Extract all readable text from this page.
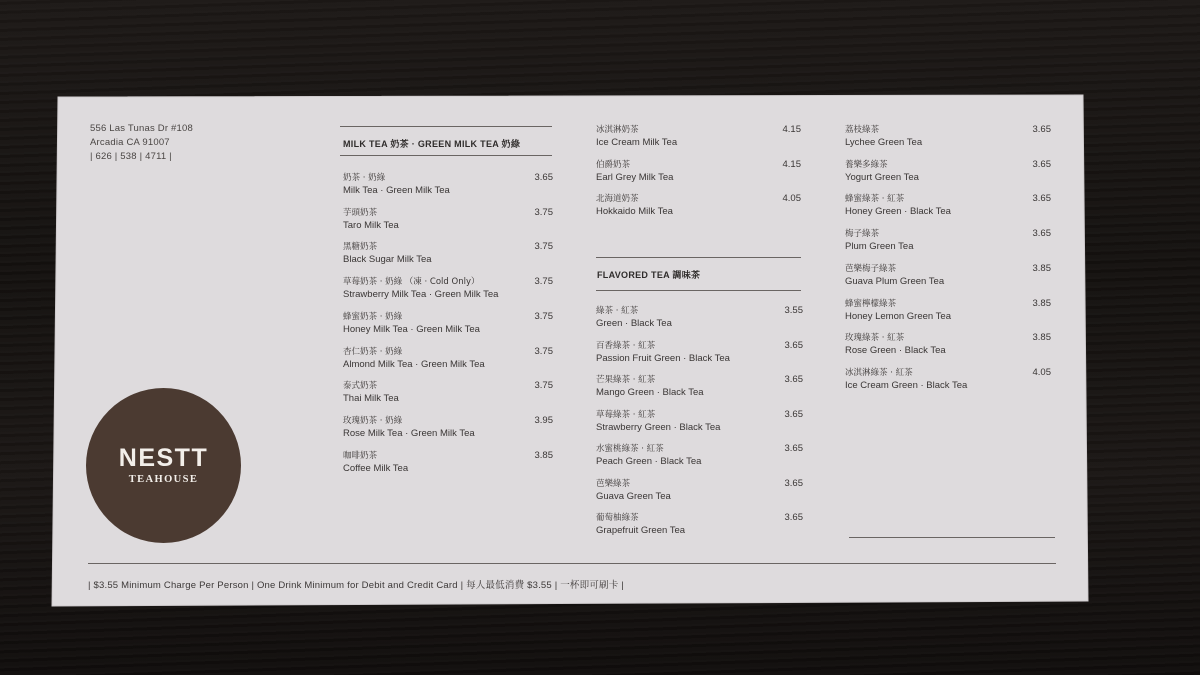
556 Las Tunas Dr #108
Arcadia CA 91007
| 626 | 538 | 4711 |
NESTT
TEAHOUSE
MILK TEA 奶茶 · GREEN MILK TEA 奶綠
奶茶 · 奶綠
Milk Tea · Green Milk Tea
3.65
芋頭奶茶
Taro Milk Tea
3.75
黑糖奶茶
Black Sugar Milk Tea
3.75
草莓奶茶 · 奶綠 （凍 · Cold Only）
Strawberry Milk Tea · Green Milk Tea
3.75
蜂蜜奶茶 · 奶綠
Honey Milk Tea · Green Milk Tea
3.75
杏仁奶茶 · 奶綠
Almond Milk Tea · Green Milk Tea
3.75
泰式奶茶
Thai Milk Tea
3.75
玫瑰奶茶 · 奶綠
Rose Milk Tea · Green Milk Tea
3.95
咖啡奶茶
Coffee Milk Tea
3.85
冰淇淋奶茶
Ice Cream Milk Tea
4.15
伯爵奶茶
Earl Grey Milk Tea
4.15
北海道奶茶
Hokkaido Milk Tea
4.05
FLAVORED TEA 調味茶
綠茶 · 紅茶
Green · Black Tea
3.55
百香綠茶 · 紅茶
Passion Fruit Green · Black Tea
3.65
芒果綠茶 · 紅茶
Mango Green · Black Tea
3.65
草莓綠茶 · 紅茶
Strawberry Green · Black Tea
3.65
水蜜桃綠茶 · 紅茶
Peach Green · Black Tea
3.65
芭樂綠茶
Guava Green Tea
3.65
葡萄柚綠茶
Grapefruit Green Tea
3.65
荔枝綠茶
Lychee Green Tea
3.65
養樂多綠茶
Yogurt Green Tea
3.65
蜂蜜綠茶 · 紅茶
Honey Green · Black Tea
3.65
梅子綠茶
Plum Green Tea
3.65
芭樂梅子綠茶
Guava Plum Green Tea
3.85
蜂蜜檸檬綠茶
Honey Lemon Green Tea
3.85
玫瑰綠茶 · 紅茶
Rose Green · Black Tea
3.85
冰淇淋綠茶 · 紅茶
Ice Cream Green · Black Tea
4.05
| $3.55 Minimum Charge Per Person | One Drink Minimum for Debit and Credit Card | 每人最低消費 $3.55 | 一杯即可刷卡 |
